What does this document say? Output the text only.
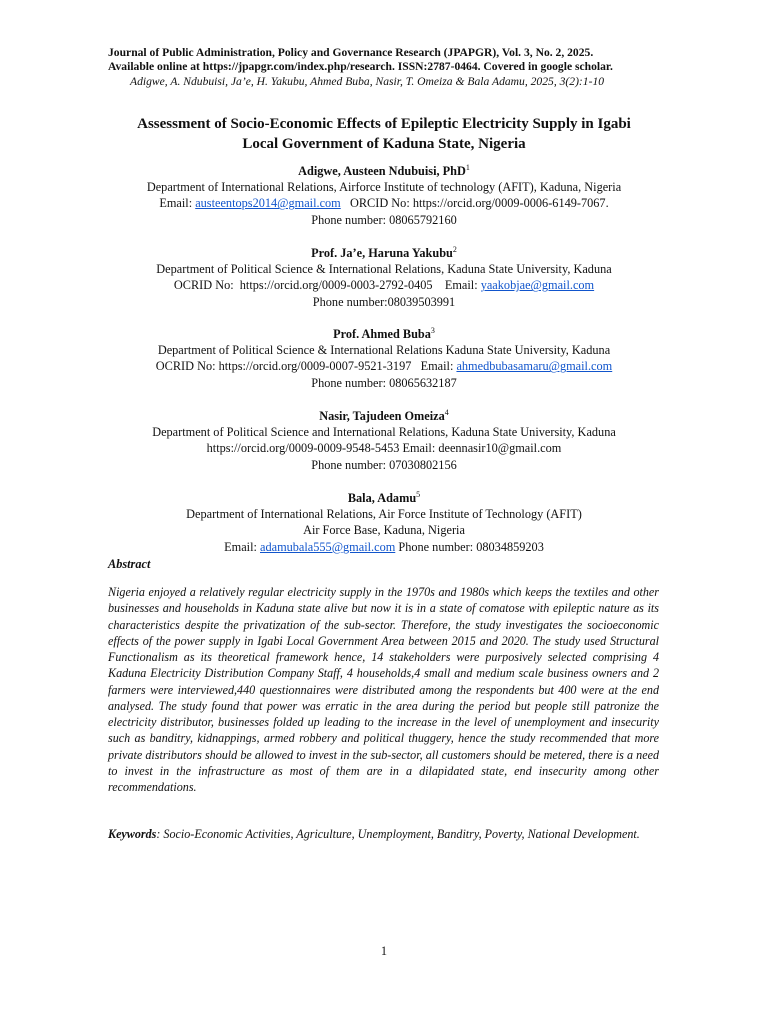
Journal of Public Administration, Policy and Governance Research (JPAPGR), Vol. 3, No. 2, 2025.
Available online at https://jpapgr.com/index.php/research. ISSN:2787-0464. Covered in google scholar.
Adigwe, A. Ndubuisi, Ja’e, H. Yakubu, Ahmed Buba, Nasir, T. Omeiza & Bala Adamu, 2025, 3(2):1-10
Assessment of Socio-Economic Effects of Epileptic Electricity Supply in Igabi
Local Government of Kaduna State, Nigeria
Adigwe, Austeen Ndubuisi, PhD$^1$
Department of International Relations, Airforce Institute of technology (AFIT), Kaduna, Nigeria
Email: austeentops2014@gmail.com   ORCID No: https://orcid.org/0009-0006-6149-7067.
Phone number: 08065792160
Prof. Ja’e, Haruna Yakubu$^2$
Department of Political Science & International Relations, Kaduna State University, Kaduna
OCRID No:  https://orcid.org/0009-0003-2792-0405    Email: yaakobjae@gmail.com
Phone number:08039503991
Prof. Ahmed Buba$^3$
Department of Political Science & International Relations Kaduna State University, Kaduna
OCRID No: https://orcid.org/0009-0007-9521-3197   Email: ahmedbubasamaru@gmail.com
Phone number: 08065632187
Nasir, Tajudeen Omeiza$^4$
Department of Political Science and International Relations, Kaduna State University, Kaduna
https://orcid.org/0009-0009-9548-5453 Email: deennasir10@gmail.com
Phone number: 07030802156
Bala, Adamu$^5$
Department of International Relations, Air Force Institute of Technology (AFIT)
Air Force Base, Kaduna, Nigeria
Email: adamubala555@gmail.com Phone number: 08034859203
Abstract
Nigeria enjoyed a relatively regular electricity supply in the 1970s and 1980s which keeps the textiles and other businesses and households in Kaduna state alive but now it is in a state of comatose with epileptic nature as its characteristics despite the privatization of the sub-sector. Therefore, the study investigates the socioeconomic effects of the power supply in Igabi Local Government Area between 2015 and 2020. The study used Structural Functionalism as its theoretical framework hence, 14 stakeholders were purposively selected comprising 4 Kaduna Electricity Distribution Company Staff, 4 households,4 small and medium scale business owners and 2 farmers were interviewed,440 questionnaires were distributed among the respondents but 400 were at the end analysed. The study found that power was erratic in the area during the period but people still patronize the electricity distributor, businesses folded up leading to the increase in the level of unemployment and insecurity such as banditry, kidnappings, armed robbery and political thuggery, hence the study recommended that more private distributors should be allowed to invest in the sub-sector, all customers should be metered, there is a need to invest in the infrastructure as most of them are in a dilapidated state, end insecurity among other recommendations.
Keywords: Socio-Economic Activities, Agriculture, Unemployment, Banditry, Poverty, National Development.
1
